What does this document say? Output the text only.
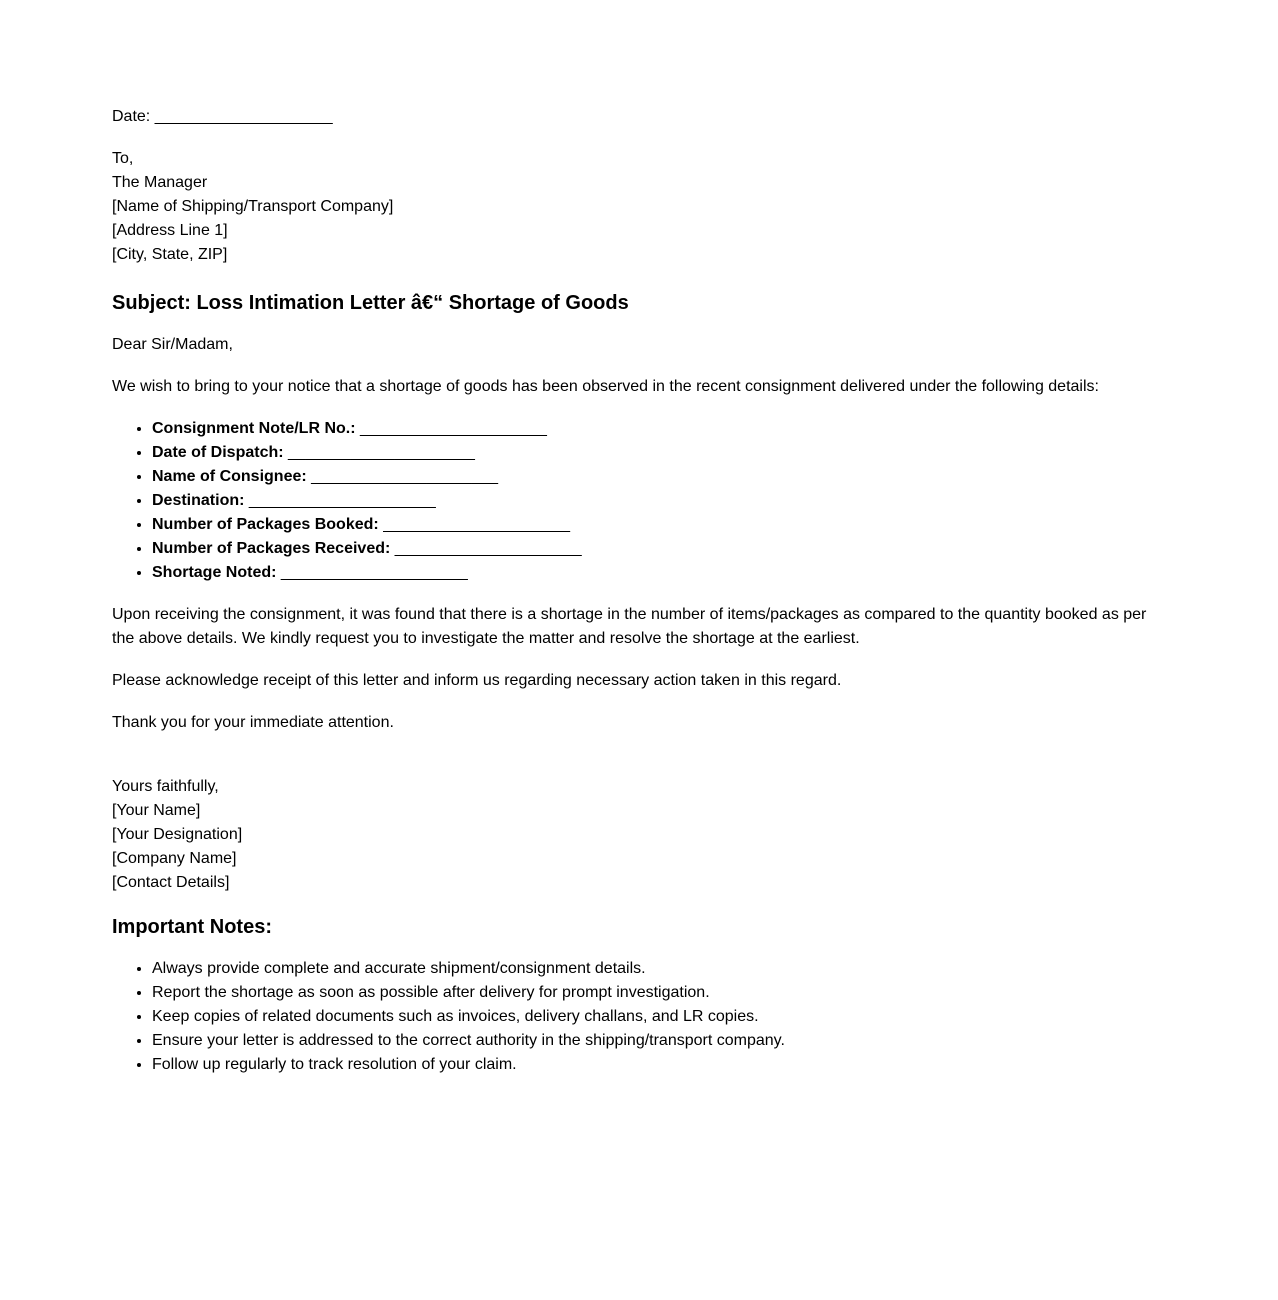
Date: ____________________

To,
The Manager
[Name of Shipping/Transport Company]
[Address Line 1]
[City, State, ZIP]
Subject: Loss Intimation Letter â€“ Shortage of Goods

Dear Sir/Madam,

We wish to bring to your notice that a shortage of goods has been observed in the recent consignment delivered under the following details:

• Consignment Note/LR No.: _____________________
• Date of Dispatch: _____________________
• Name of Consignee: _____________________
• Destination: _____________________
• Number of Packages Booked: _____________________
• Number of Packages Received: _____________________
• Shortage Noted: _____________________

Upon receiving the consignment, it was found that there is a shortage in the number of items/packages as compared to the quantity booked as per the above details. We kindly request you to investigate the matter and resolve the shortage at the earliest.

Please acknowledge receipt of this letter and inform us regarding necessary action taken in this regard.

Thank you for your immediate attention.

Yours faithfully,
[Your Name]
[Your Designation]
[Company Name]
[Contact Details]
Important Notes:
• Always provide complete and accurate shipment/consignment details.
• Report the shortage as soon as possible after delivery for prompt investigation.
• Keep copies of related documents such as invoices, delivery challans, and LR copies.
• Ensure your letter is addressed to the correct authority in the shipping/transport company.
• Follow up regularly to track resolution of your claim.
